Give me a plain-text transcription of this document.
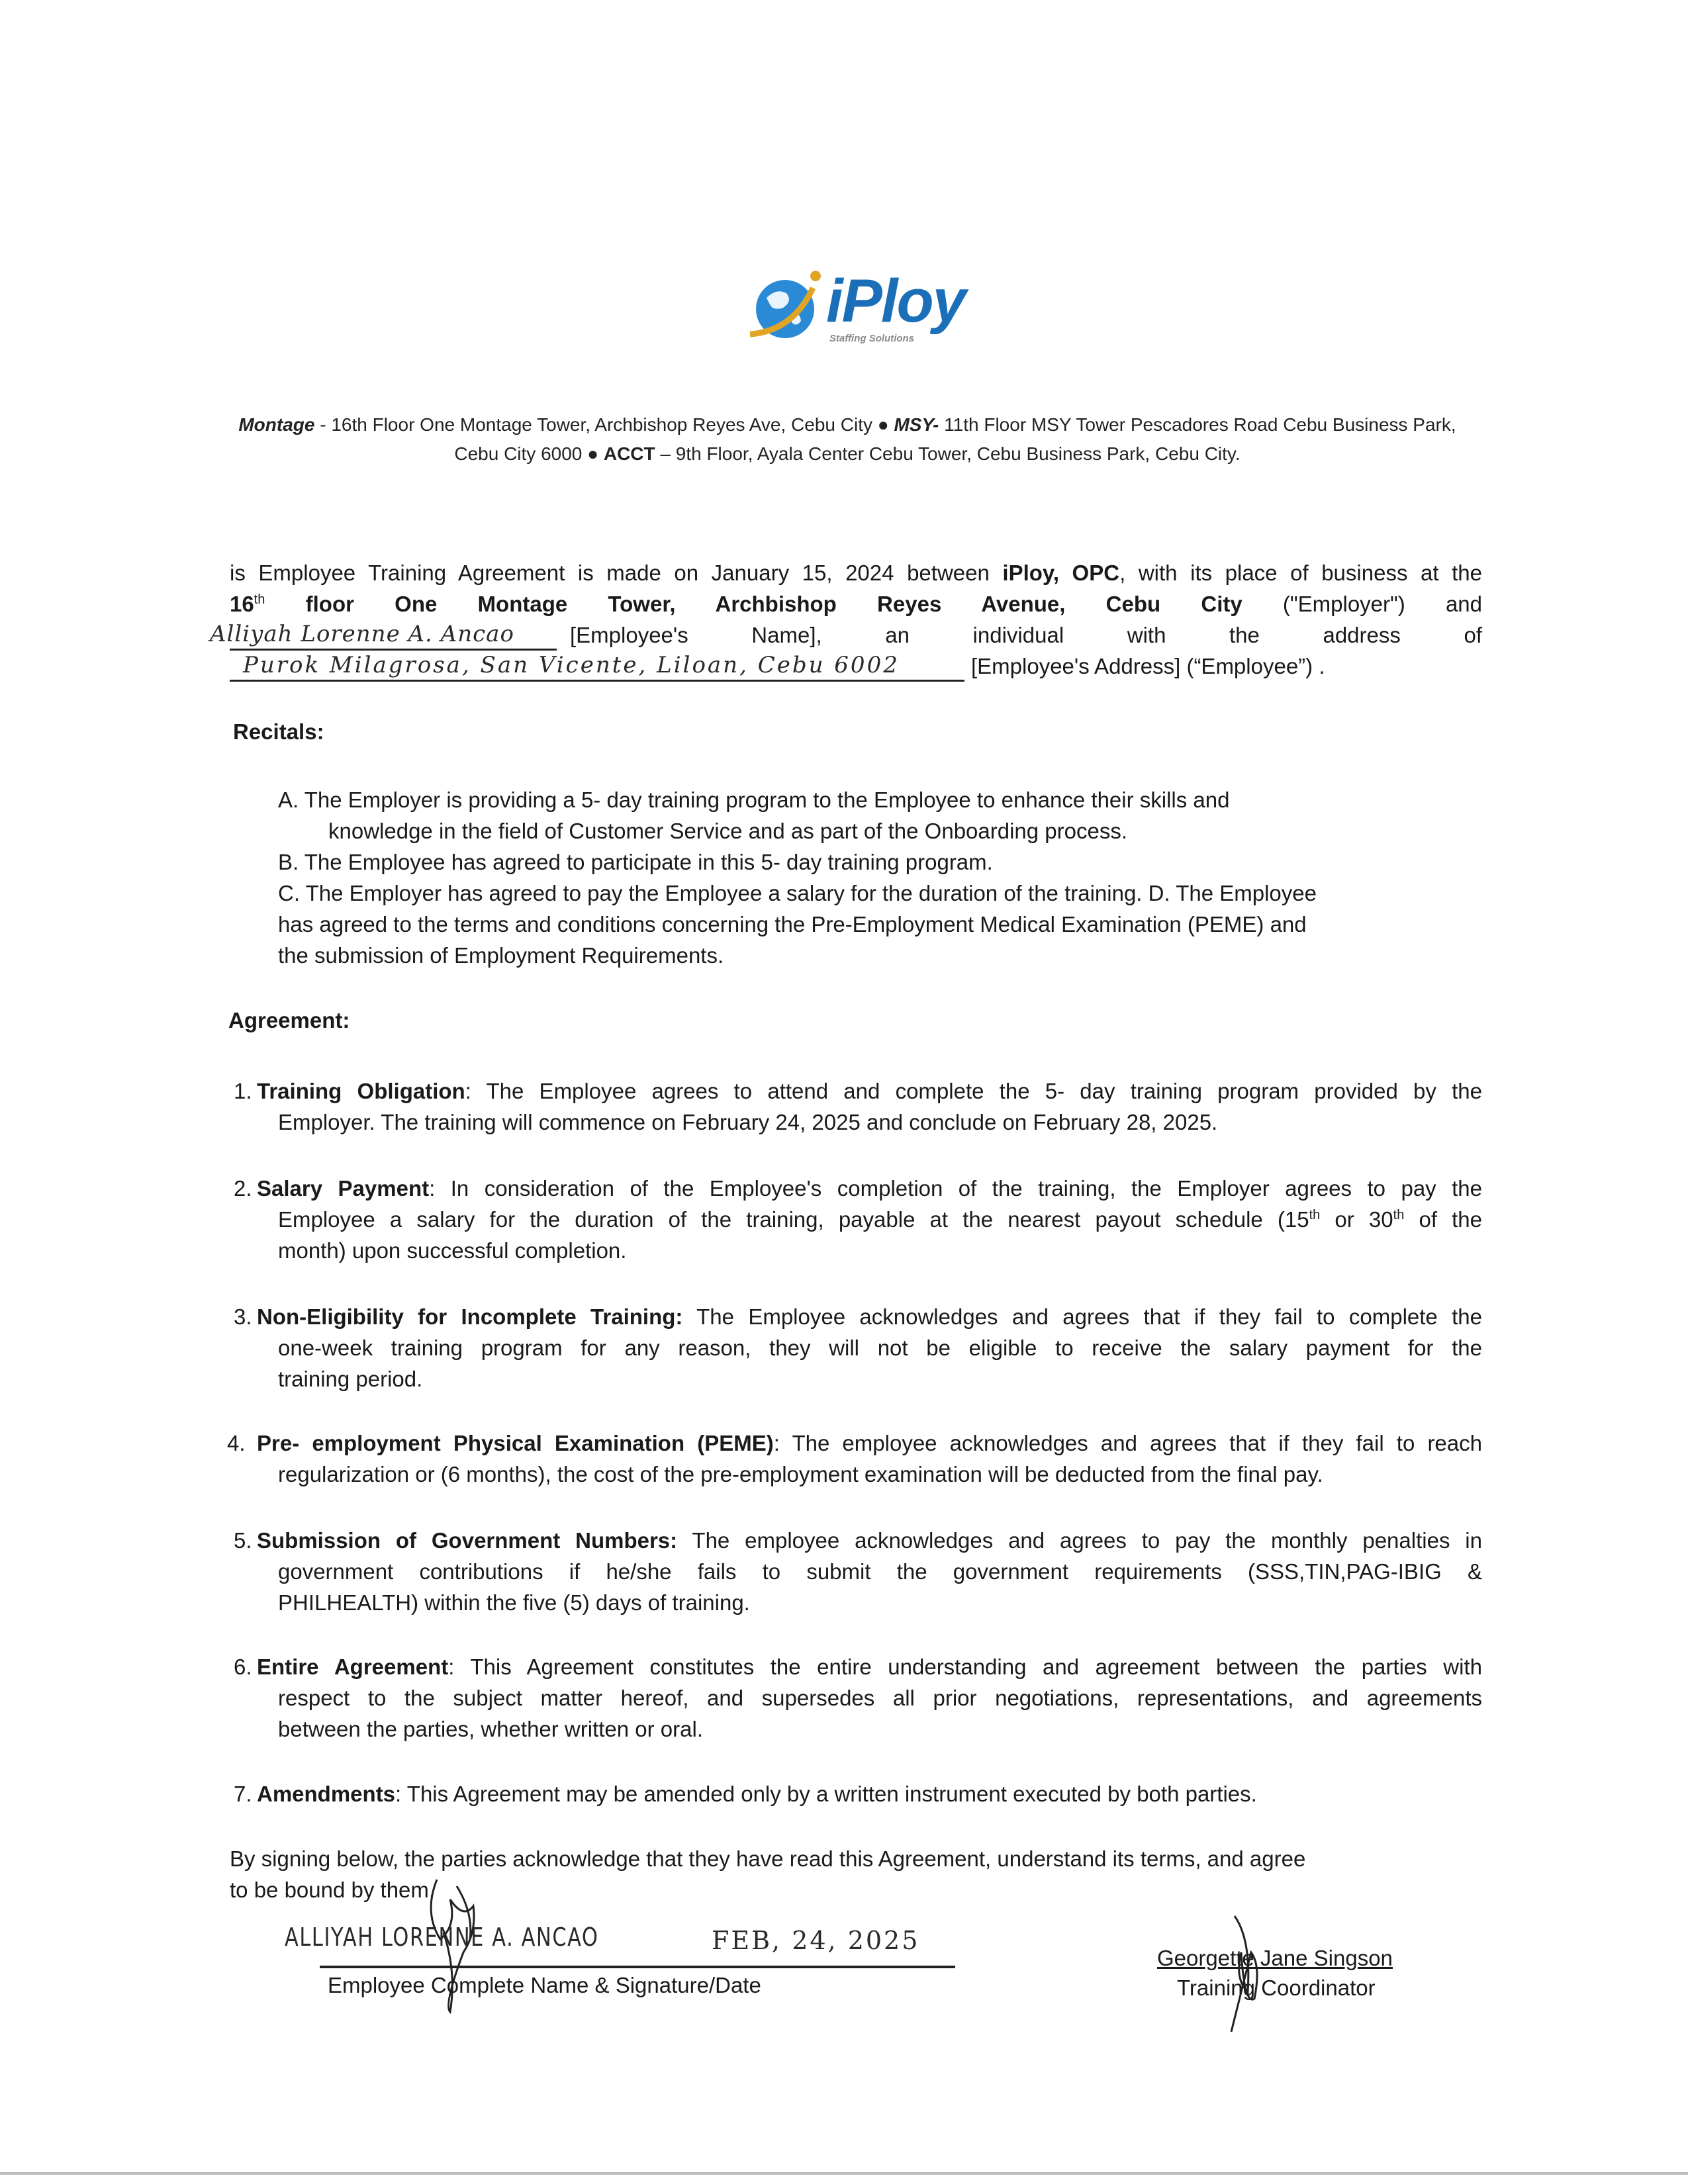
iPloy
Staffing Solutions
Montage - 16th Floor One Montage Tower, Archbishop Reyes Ave, Cebu City ● MSY- 11th Floor MSY Tower Pescadores Road Cebu Business Park, Cebu City 6000 ● ACCT – 9th Floor, Ayala Center Cebu Tower, Cebu Business Park, Cebu City.
is Employee Training Agreement is made on January 15, 2024 between iPloy, OPC, with its place of business at the
16th floor One Montage Tower, Archbishop Reyes Avenue, Cebu City ("Employer") and
Alliyah Lorenne A. Ancao	[Employee's Name], an individual with the address of
Purok Milagrosa, San Vicente, Liloan, Cebu 6002	[Employee's Address] (“Employee”) .
Recitals:
A. The Employer is providing a 5- day training program to the Employee to enhance their skills and
knowledge in the field of Customer Service and as part of the Onboarding process.
B. The Employee has agreed to participate in this 5- day training program.
C. The Employer has agreed to pay the Employee a salary for the duration of the training. D. The Employee
has agreed to the terms and conditions concerning the Pre-Employment Medical Examination (PEME) and
the submission of Employment Requirements.
Agreement:
1. Training Obligation: The Employee agrees to attend and complete the 5- day training program provided by the
Employer. The training will commence on February 24, 2025 and conclude on February 28, 2025.
2. Salary Payment: In consideration of the Employee's completion of the training, the Employer agrees to pay the
Employee a salary for the duration of the training, payable at the nearest payout schedule (15th or 30th of the
month) upon successful completion.
3. Non-Eligibility for Incomplete Training: The Employee acknowledges and agrees that if they fail to complete the
one-week training program for any reason, they will not be eligible to receive the salary payment for the
training period.
4. Pre- employment Physical Examination (PEME): The employee acknowledges and agrees that if they fail to reach
regularization or (6 months), the cost of the pre-employment examination will be deducted from the final pay.
5. Submission of Government Numbers: The employee acknowledges and agrees to pay the monthly penalties in
government contributions if he/she fails to submit the government requirements (SSS,TIN,PAG-IBIG &
PHILHEALTH) within the five (5) days of training.
6. Entire Agreement: This Agreement constitutes the entire understanding and agreement between the parties with
respect to the subject matter hereof, and supersedes all prior negotiations, representations, and agreements
between the parties, whether written or oral.
7. Amendments: This Agreement may be amended only by a written instrument executed by both parties.
By signing below, the parties acknowledge that they have read this Agreement, understand its terms, and agree
to be bound by them.
ALLIYAH LORENNE A. ANCAO	FEB, 24, 2025
Employee Complete Name & Signature/Date
Georgette Jane Singson
Training Coordinator
